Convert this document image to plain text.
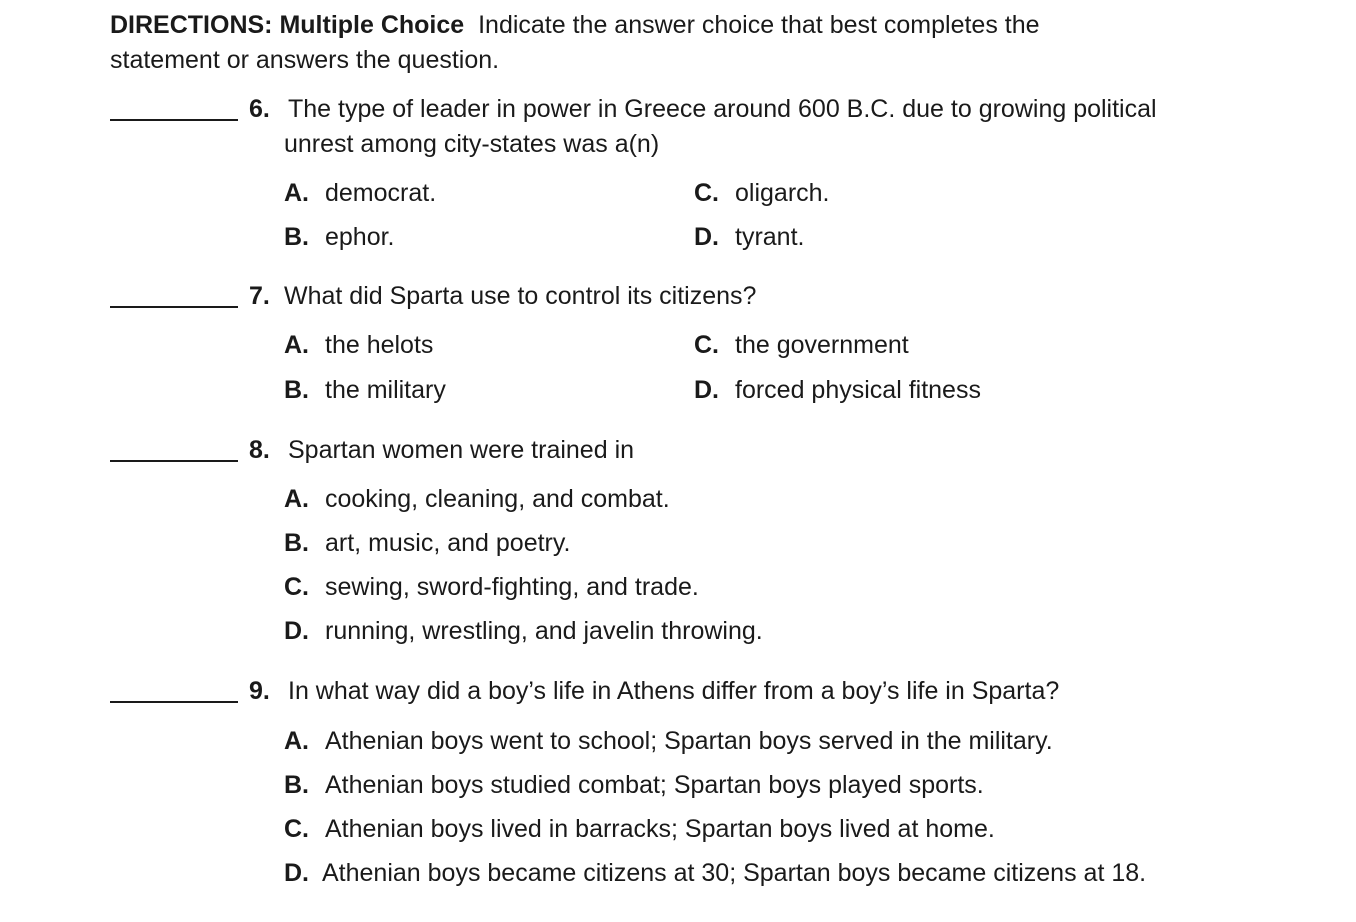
DIRECTIONS: Multiple Choice Indicate the answer choice that best completes the
statement or answers the question.
6. The type of leader in power in Greece around 600 B.C. due to growing political
unrest among city-states was a(n)
A. democrat.
B. ephor.
C. oligarch.
D. tyrant.
7. What did Sparta use to control its citizens?
A. the helots
B. the military
C. the government
D. forced physical fitness
8. Spartan women were trained in
A. cooking, cleaning, and combat.
B. art, music, and poetry.
C. sewing, sword-fighting, and trade.
D. running, wrestling, and javelin throwing.
9. In what way did a boy’s life in Athens differ from a boy’s life in Sparta?
A. Athenian boys went to school; Spartan boys served in the military.
B. Athenian boys studied combat; Spartan boys played sports.
C. Athenian boys lived in barracks; Spartan boys lived at home.
D. Athenian boys became citizens at 30; Spartan boys became citizens at 18.
